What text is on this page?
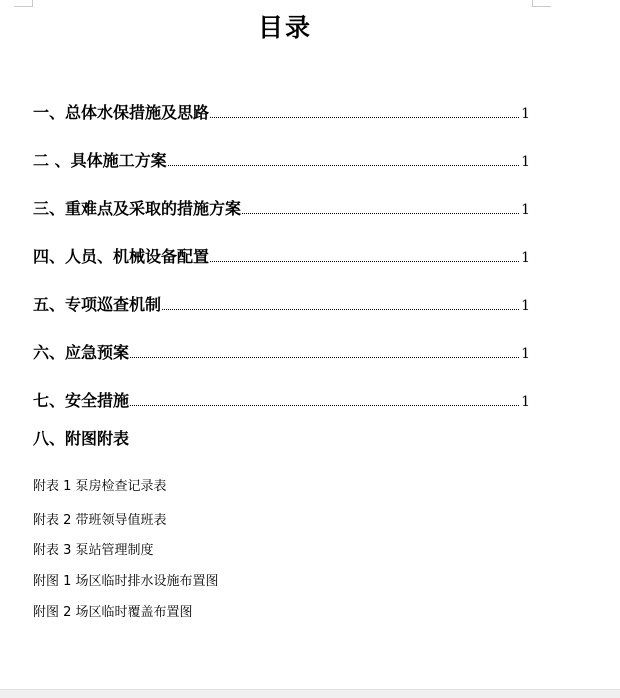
目录
一、总体水保措施及思路	1
二 、具体施工方案	1
三、重难点及采取的措施方案	1
四、人员、机械设备配置	1
五、专项巡查机制	1
六、应急预案	1
七、安全措施	1
八、附图附表
附表 1 泵房检查记录表
附表 2 带班领导值班表
附表 3 泵站管理制度
附图 1 场区临时排水设施布置图
附图 2 场区临时覆盖布置图
